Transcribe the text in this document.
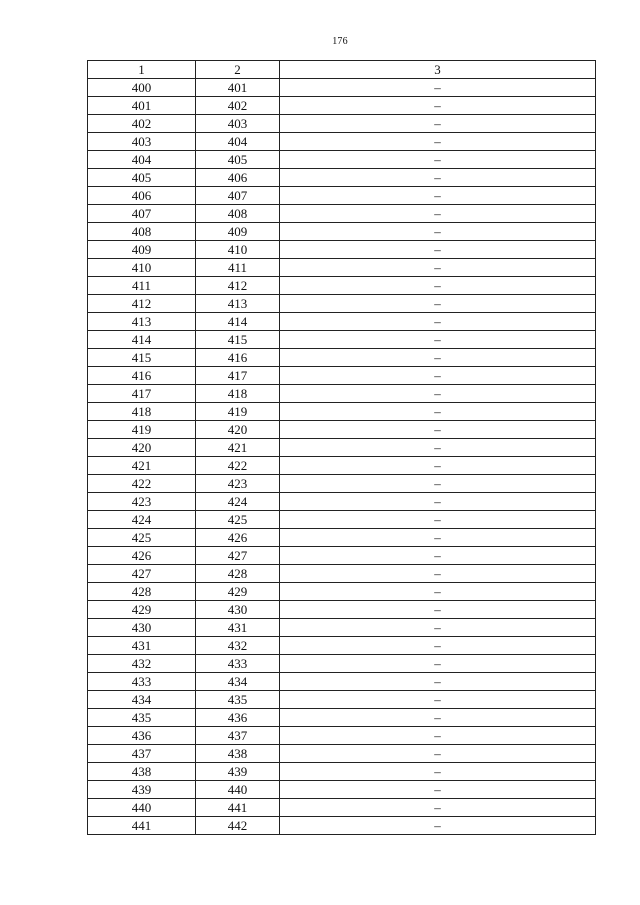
176
1	2	3
400	401	–
401	402	–
402	403	–
403	404	–
404	405	–
405	406	–
406	407	–
407	408	–
408	409	–
409	410	–
410	411	–
411	412	–
412	413	–
413	414	–
414	415	–
415	416	–
416	417	–
417	418	–
418	419	–
419	420	–
420	421	–
421	422	–
422	423	–
423	424	–
424	425	–
425	426	–
426	427	–
427	428	–
428	429	–
429	430	–
430	431	–
431	432	–
432	433	–
433	434	–
434	435	–
435	436	–
436	437	–
437	438	–
438	439	–
439	440	–
440	441	–
441	442	–
